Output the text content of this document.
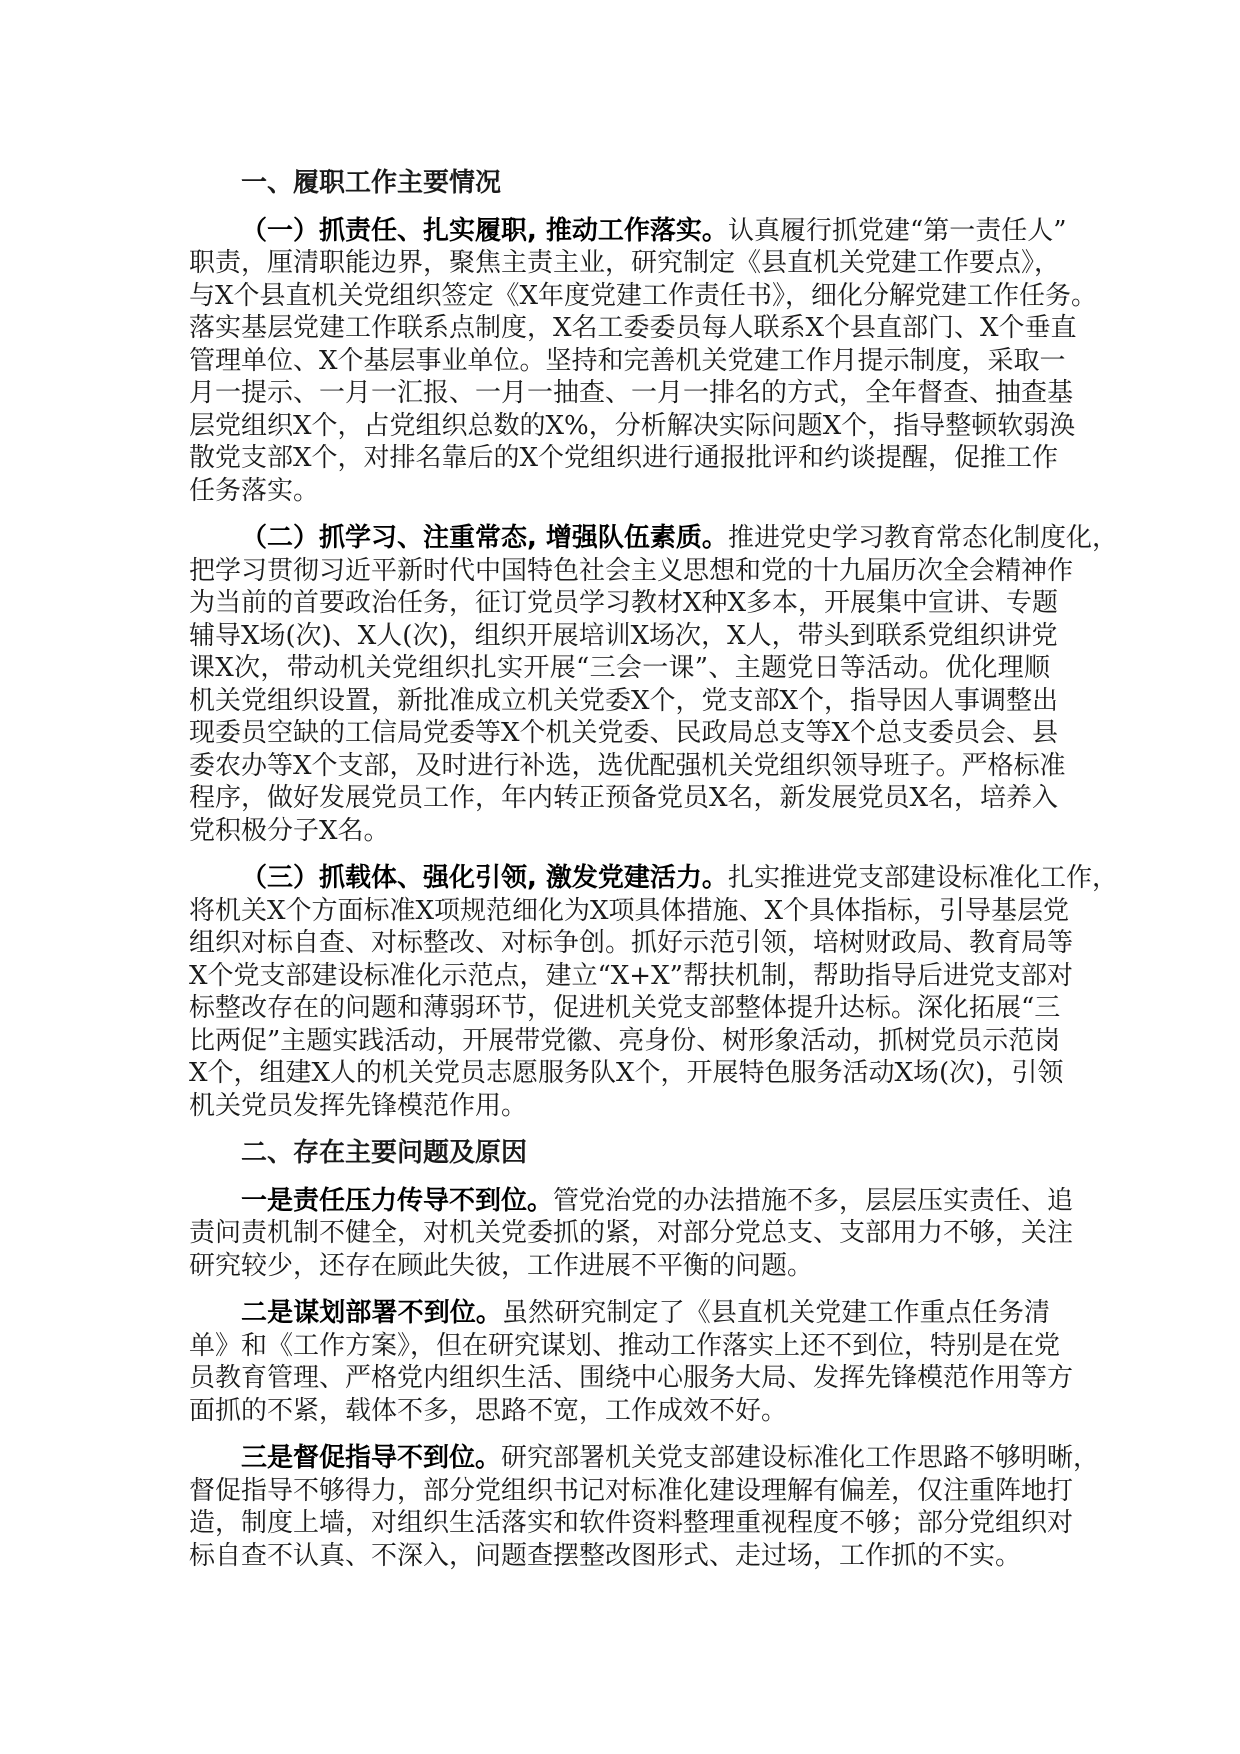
一、履职工作主要情况
（一）抓责任、扎实履职, 推动工作落实。认真履行抓党建“第一责任人”
职责，厘清职能边界，聚焦主责主业，研究制定《县直机关党建工作要点》，
与X个县直机关党组织签定《X年度党建工作责任书》，细化分解党建工作任务。
落实基层党建工作联系点制度，X名工委委员每人联系X个县直部门、X个垂直
管理单位、X个基层事业单位。坚持和完善机关党建工作月提示制度，采取一
月一提示、一月一汇报、一月一抽查、一月一排名的方式，全年督查、抽查基
层党组织X个，占党组织总数的X%，分析解决实际问题X个，指导整顿软弱涣
散党支部X个，对排名靠后的X个党组织进行通报批评和约谈提醒，促推工作
任务落实。
（二）抓学习、注重常态, 增强队伍素质。推进党史学习教育常态化制度化，
把学习贯彻习近平新时代中国特色社会主义思想和党的十九届历次全会精神作
为当前的首要政治任务，征订党员学习教材X种X多本，开展集中宣讲、专题
辅导X场(次)、X人(次)，组织开展培训X场次，X人，带头到联系党组织讲党
课X次，带动机关党组织扎实开展“三会一课”、主题党日等活动。优化理顺
机关党组织设置，新批准成立机关党委X个，党支部X个，指导因人事调整出
现委员空缺的工信局党委等X个机关党委、民政局总支等X个总支委员会、县
委农办等X个支部，及时进行补选，选优配强机关党组织领导班子。严格标准
程序，做好发展党员工作，年内转正预备党员X名，新发展党员X名，培养入
党积极分子X名。
（三）抓载体、强化引领, 激发党建活力。扎实推进党支部建设标准化工作，
将机关X个方面标准X项规范细化为X项具体措施、X个具体指标，引导基层党
组织对标自查、对标整改、对标争创。抓好示范引领，培树财政局、教育局等
X个党支部建设标准化示范点，建立“X+X”帮扶机制，帮助指导后进党支部对
标整改存在的问题和薄弱环节，促进机关党支部整体提升达标。深化拓展“三
比两促”主题实践活动，开展带党徽、亮身份、树形象活动，抓树党员示范岗
X个，组建X人的机关党员志愿服务队X个，开展特色服务活动X场(次)，引领
机关党员发挥先锋模范作用。
二、存在主要问题及原因
一是责任压力传导不到位。管党治党的办法措施不多，层层压实责任、追
责问责机制不健全，对机关党委抓的紧，对部分党总支、支部用力不够，关注
研究较少，还存在顾此失彼，工作进展不平衡的问题。
二是谋划部署不到位。虽然研究制定了《县直机关党建工作重点任务清
单》和《工作方案》，但在研究谋划、推动工作落实上还不到位，特别是在党
员教育管理、严格党内组织生活、围绕中心服务大局、发挥先锋模范作用等方
面抓的不紧，载体不多，思路不宽，工作成效不好。
三是督促指导不到位。研究部署机关党支部建设标准化工作思路不够明晰，
督促指导不够得力，部分党组织书记对标准化建设理解有偏差，仅注重阵地打
造，制度上墙，对组织生活落实和软件资料整理重视程度不够；部分党组织对
标自查不认真、不深入，问题查摆整改图形式、走过场，工作抓的不实。
